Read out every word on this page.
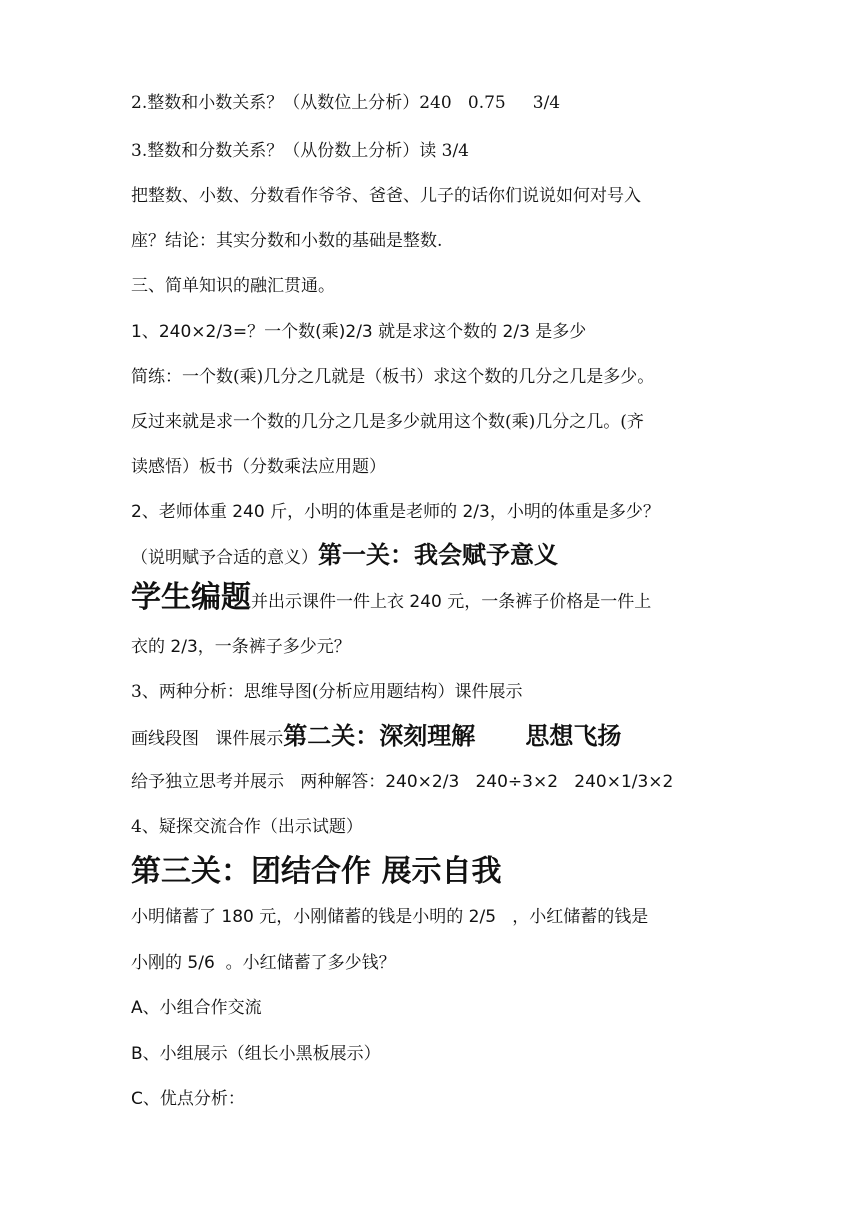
2.整数和小数关系？（从数位上分析）240   0.75     3/4
3.整数和分数关系？（从份数上分析）读 3/4
把整数、小数、分数看作爷爷、爸爸、儿子的话你们说说如何对号入
座？结论：其实分数和小数的基础是整数.
三、简单知识的融汇贯通。
1、240×2/3=？一个数(乘)2/3 就是求这个数的 2/3 是多少
简练：一个数(乘)几分之几就是（板书）求这个数的几分之几是多少。
反过来就是求一个数的几分之几是多少就用这个数(乘)几分之几。(齐
读感悟）板书（分数乘法应用题）
2、老师体重 240 斤，小明的体重是老师的 2/3，小明的体重是多少？
（说明赋予合适的意义）第一关：我会赋予意义
学生编题并出示课件一件上衣 240 元，一条裤子价格是一件上
衣的 2/3，一条裤子多少元？
3、两种分析：思维导图(分析应用题结构）课件展示
画线段图   课件展示第二关：深刻理解      思想飞扬
给予独立思考并展示   两种解答：240×2/3   240÷3×2   240×1/3×2
4、疑探交流合作（出示试题）
第三关：团结合作 展示自我
小明储蓄了 180 元，小刚储蓄的钱是小明的 2/5   ，小红储蓄的钱是
小刚的 5/6  。小红储蓄了多少钱？
A、小组合作交流
B、小组展示（组长小黑板展示）
C、优点分析：
